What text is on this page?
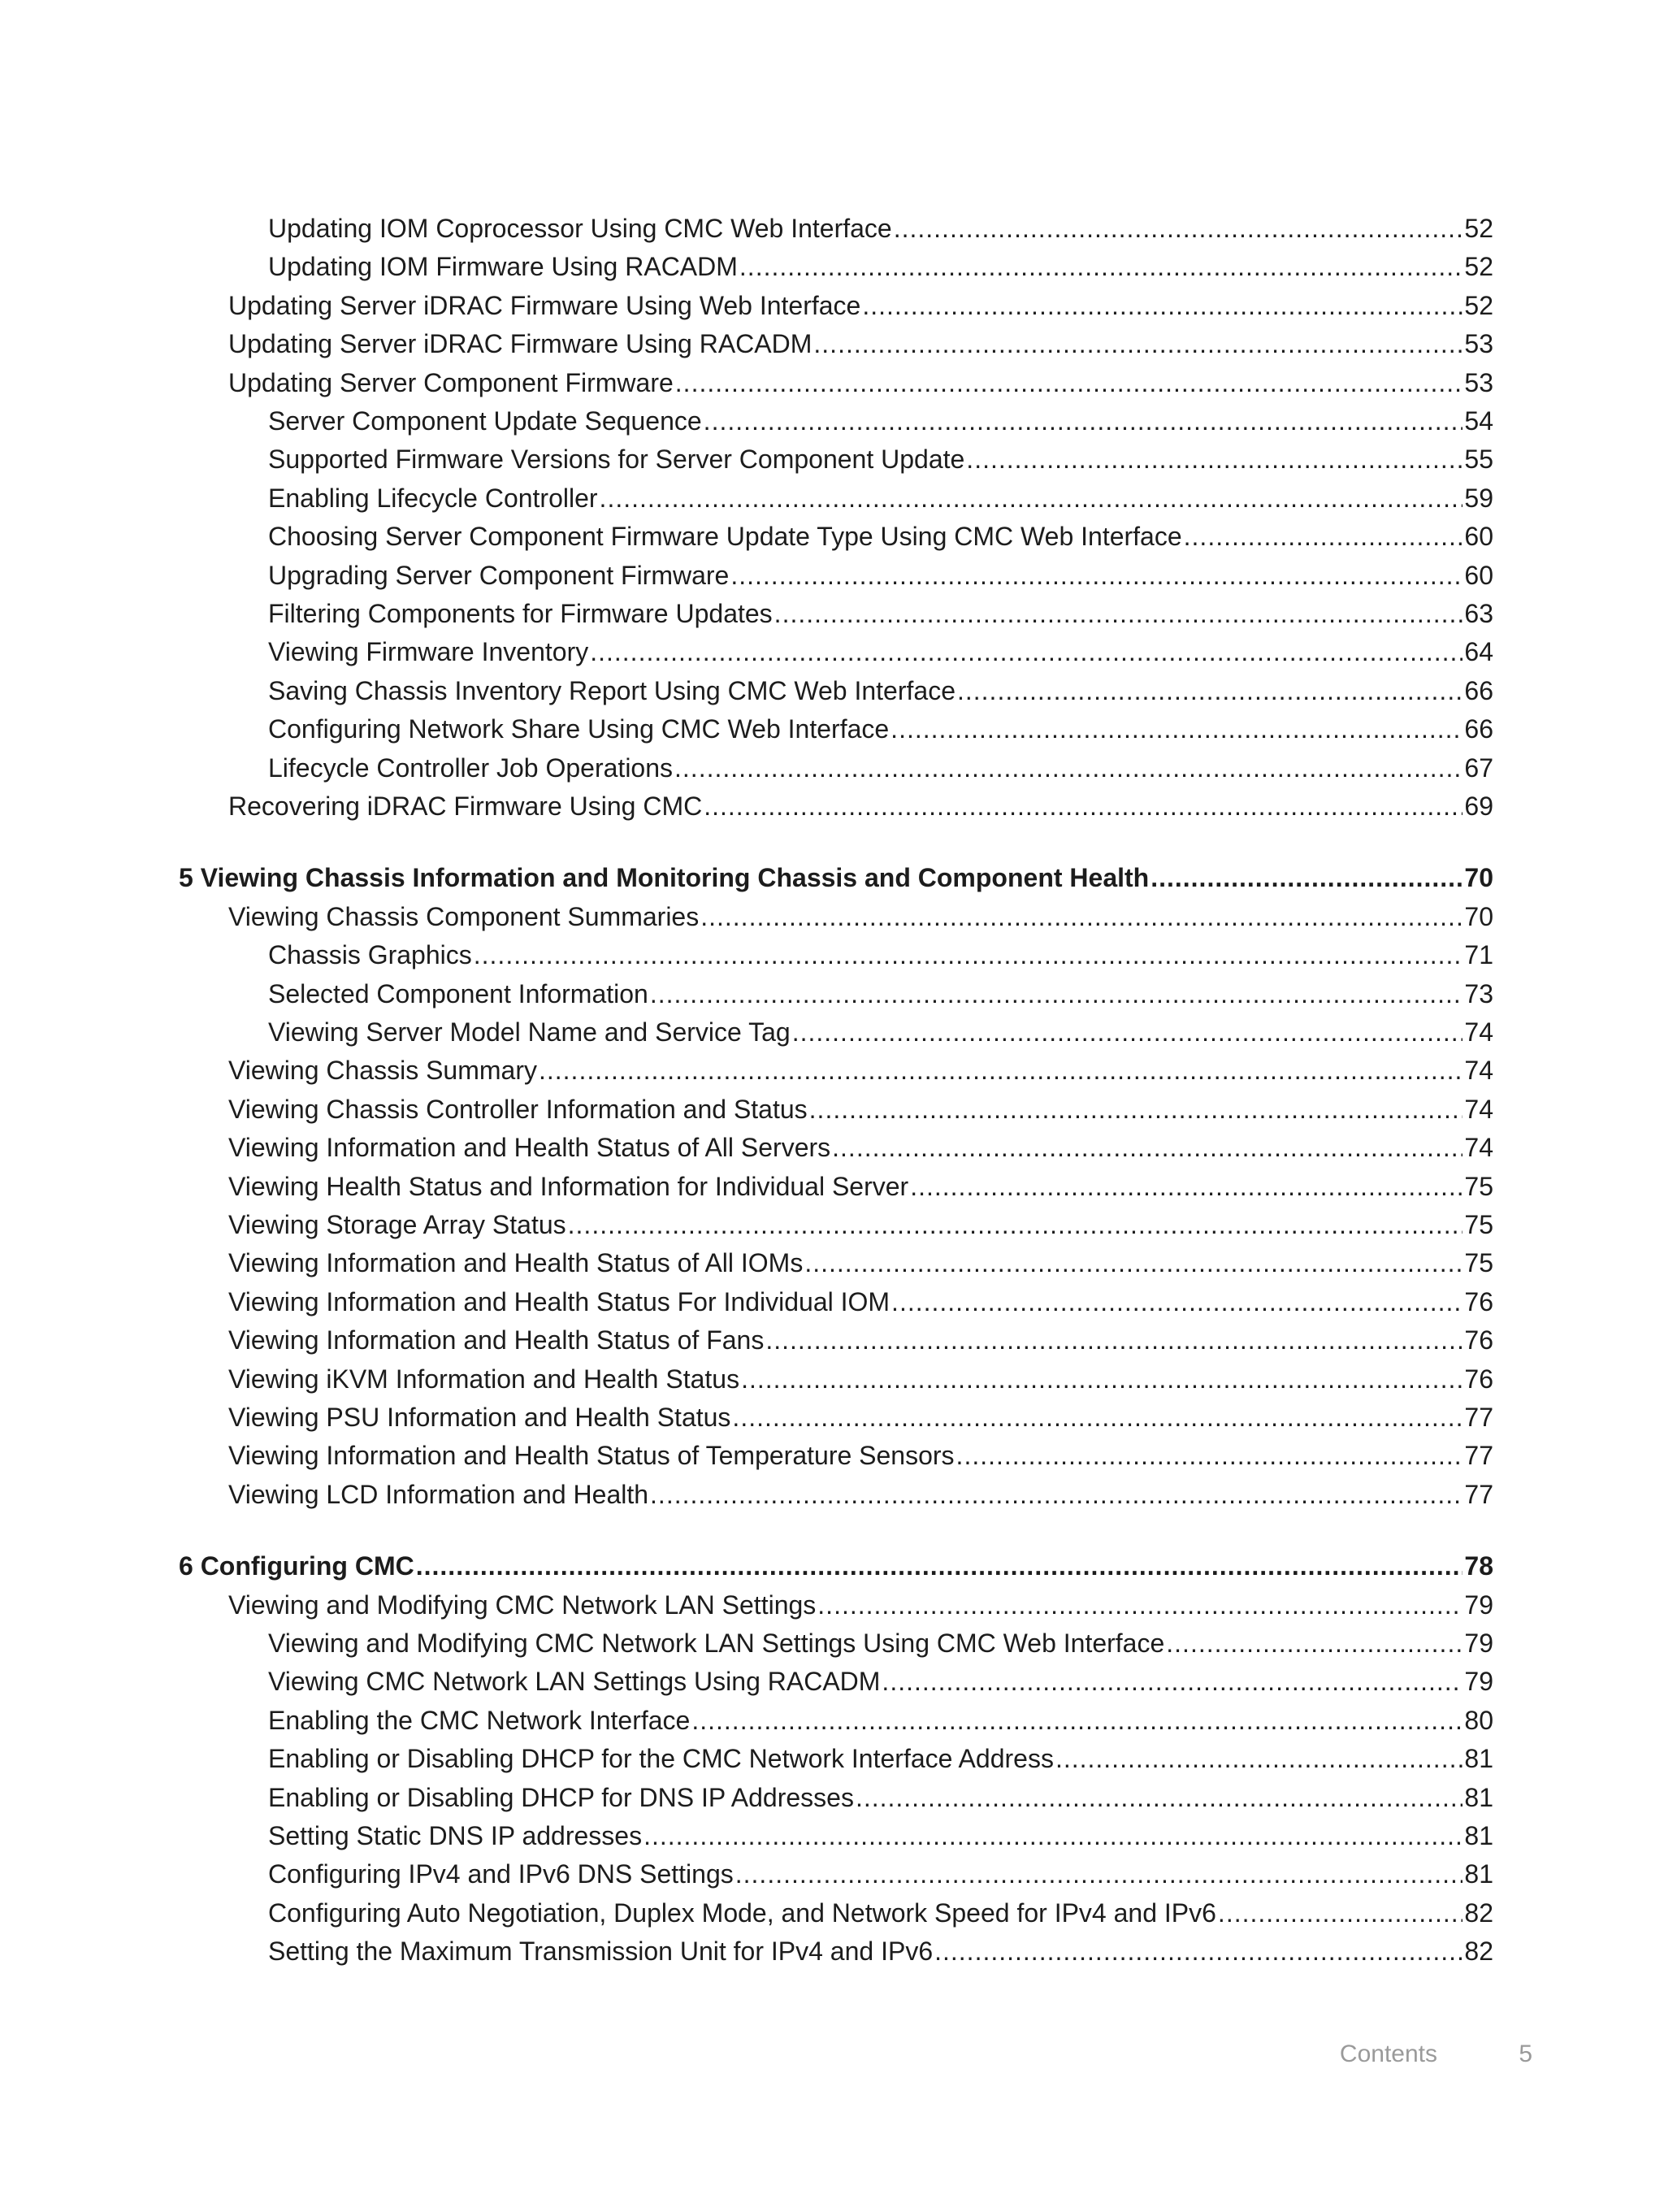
Updating IOM Coprocessor Using CMC Web Interface .....	52
Updating IOM Firmware Using RACADM .....	52
Updating Server iDRAC Firmware Using Web Interface .....	52
Updating Server iDRAC Firmware Using RACADM .....	53
Updating Server Component Firmware .....	53
Server Component Update Sequence .....	54
Supported Firmware Versions for Server Component Update .....	55
Enabling Lifecycle Controller .....	59
Choosing Server Component Firmware Update Type Using CMC Web Interface .....	60
Upgrading Server Component Firmware .....	60
Filtering Components for Firmware Updates .....	63
Viewing Firmware Inventory .....	64
Saving Chassis Inventory Report Using CMC Web Interface .....	66
Configuring Network Share Using CMC Web Interface .....	66
Lifecycle Controller Job Operations .....	67
Recovering iDRAC Firmware Using CMC .....	69
5 Viewing Chassis Information and Monitoring Chassis and Component Health .....	70
Viewing Chassis Component Summaries .....	70
Chassis Graphics .....	71
Selected Component Information .....	73
Viewing Server Model Name and Service Tag .....	74
Viewing Chassis Summary .....	74
Viewing Chassis Controller Information and Status .....	74
Viewing Information and Health Status of All Servers .....	74
Viewing Health Status and Information for Individual Server .....	75
Viewing Storage Array Status .....	75
Viewing Information and Health Status of All IOMs .....	75
Viewing Information and Health Status For Individual IOM .....	76
Viewing Information and Health Status of Fans .....	76
Viewing iKVM Information and Health Status .....	76
Viewing PSU Information and Health Status .....	77
Viewing Information and Health Status of Temperature Sensors .....	77
Viewing LCD Information and Health .....	77
6 Configuring CMC .....	78
Viewing and Modifying CMC Network LAN Settings .....	79
Viewing and Modifying CMC Network LAN Settings Using CMC Web Interface .....	79
Viewing CMC Network LAN Settings Using RACADM .....	79
Enabling the CMC Network Interface .....	80
Enabling or Disabling DHCP for the CMC Network Interface Address .....	81
Enabling or Disabling DHCP for DNS IP Addresses .....	81
Setting Static DNS IP addresses .....	81
Configuring IPv4 and IPv6 DNS Settings .....	81
Configuring Auto Negotiation, Duplex Mode, and Network Speed for IPv4 and IPv6 .....	82
Setting the Maximum Transmission Unit for IPv4 and IPv6 .....	82
Contents	5
